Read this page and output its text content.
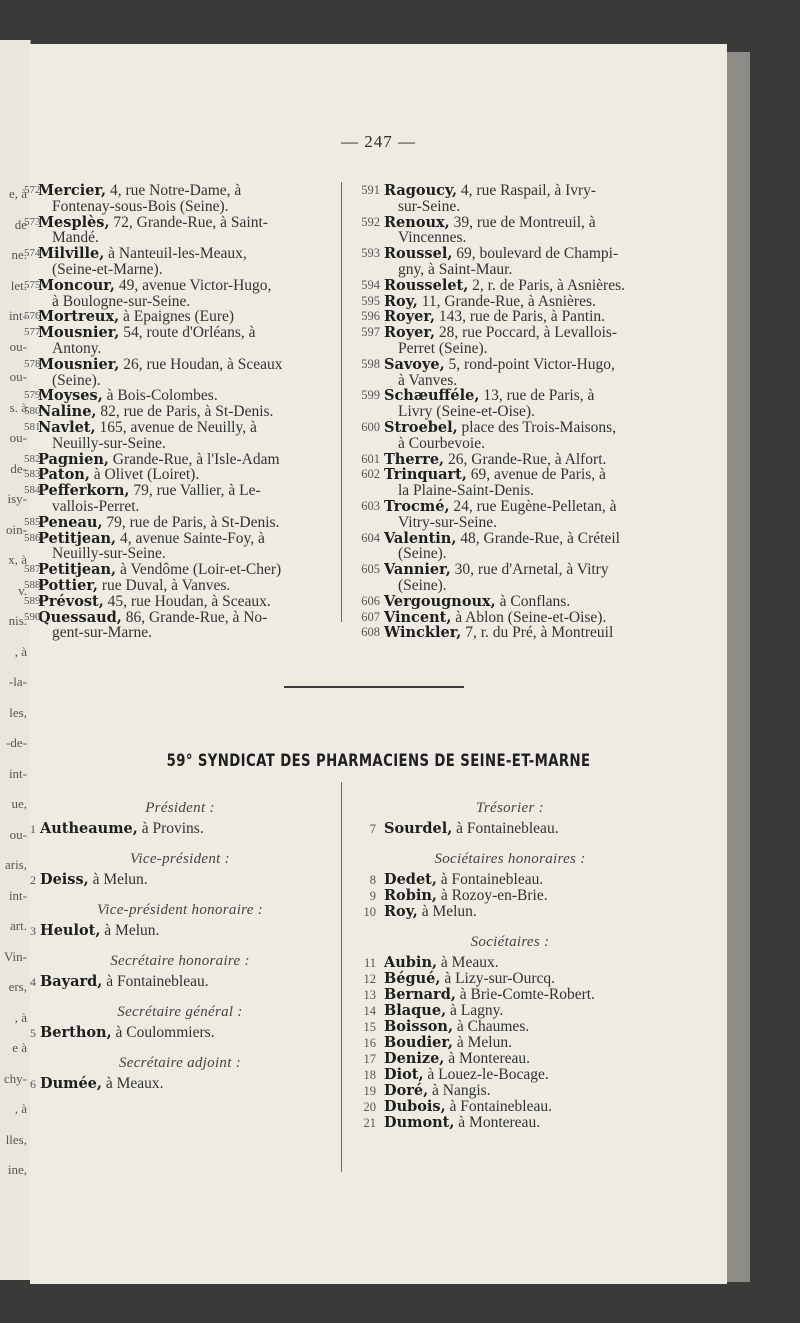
e, à
de
ne.
let.
int-
ou-
ou-
s. à
ou-
de-
isy-
oin-
x, à
v.
nis.
, à
-la-
les,
-de-
int-
ue,
ou-
aris,
int-
art.
Vin-
ers,
, à
e à
chy-
, à
lles,
ine,
— 247 —
572
Mercier, 4, rue Notre-Dame, à
Fontenay-sous-Bois (Seine).
573
Mesplès, 72, Grande-Rue, à Saint-
Mandé.
574
Milville, à Nanteuil-les-Meaux,
(Seine-et-Marne).
575
Moncour, 49, avenue Victor-Hugo,
à Boulogne-sur-Seine.
576
Mortreux, à Epaignes (Eure)
577
Mousnier, 54, route d'Orléans, à
Antony.
578
Mousnier, 26, rue Houdan, à Sceaux
(Seine).
579
Moyses, à Bois-Colombes.
580
Naline, 82, rue de Paris, à St-Denis.
581
Navlet, 165, avenue de Neuilly, à
Neuilly-sur-Seine.
582
Pagnien, Grande-Rue, à l'Isle-Adam
583
Paton, à Olivet (Loiret).
584
Pefferkorn, 79, rue Vallier, à Le-
vallois-Perret.
585
Peneau, 79, rue de Paris, à St-Denis.
586
Petitjean, 4, avenue Sainte-Foy, à
Neuilly-sur-Seine.
587
Petitjean, à Vendôme (Loir-et-Cher)
588
Pottier, rue Duval, à Vanves.
589
Prévost, 45, rue Houdan, à Sceaux.
590
Quessaud, 86, Grande-Rue, à No-
gent-sur-Marne.
591 Ragoucy, 4, rue Raspail, à Ivry-
sur-Seine.
592 Renoux, 39, rue de Montreuil, à
Vincennes.
593 Roussel, 69, boulevard de Champi-
gny, à Saint-Maur.
594 Rousselet, 2, r. de Paris, à Asnières.
595 Roy, 11, Grande-Rue, à Asnières.
596 Royer, 143, rue de Paris, à Pantin.
597 Royer, 28, rue Poccard, à Levallois-
Perret (Seine).
598 Savoye, 5, rond-point Victor-Hugo,
à Vanves.
599 Schæufféle, 13, rue de Paris, à
Livry (Seine-et-Oise).
600 Stroebel, place des Trois-Maisons,
à Courbevoie.
601 Therre, 26, Grande-Rue, à Alfort.
602 Trinquart, 69, avenue de Paris, à
la Plaine-Saint-Denis.
603 Trocmé, 24, rue Eugène-Pelletan, à
Vitry-sur-Seine.
604 Valentin, 48, Grande-Rue, à Créteil
(Seine).
605 Vannier, 30, rue d'Arnetal, à Vitry
(Seine).
606 Vergougnoux, à Conflans.
607 Vincent, à Ablon (Seine-et-Oise).
608 Winckler, 7, r. du Pré, à Montreuil
59° SYNDICAT DES PHARMACIENS DE SEINE-ET-MARNE
Président :
1 Autheaume, à Provins.
Vice-président :
2 Deiss, à Melun.
Vice-président honoraire :
3 Heulot, à Melun.
Secrétaire honoraire :
4 Bayard, à Fontainebleau.
Secrétaire général :
5 Berthon, à Coulommiers.
Secrétaire adjoint :
6 Dumée, à Meaux.
Trésorier :
7 Sourdel, à Fontainebleau.
Sociétaires honoraires :
8 Dedet, à Fontainebleau.
9 Robin, à Rozoy-en-Brie.
10 Roy, à Melun.
Sociétaires :
11 Aubin, à Meaux.
12 Bégué, à Lizy-sur-Ourcq.
13 Bernard, à Brie-Comte-Robert.
14 Blaque, à Lagny.
15 Boisson, à Chaumes.
16 Boudier, à Melun.
17 Denize, à Montereau.
18 Diot, à Louez-le-Bocage.
19 Doré, à Nangis.
20 Dubois, à Fontainebleau.
21 Dumont, à Montereau.
